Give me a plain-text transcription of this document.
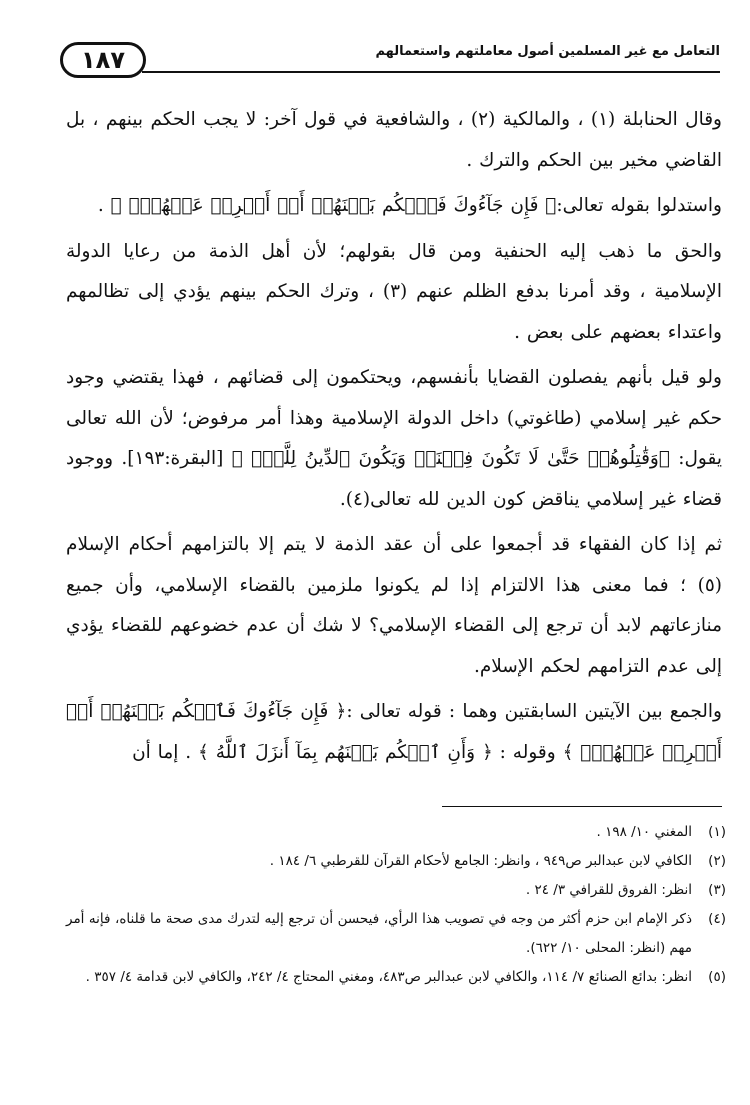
١٨٧	التعامل مع غير المسلمين أصول معاملتهم واستعمالهم

وقال الحنابلة (١) ، والمالكية (٢) ، والشافعية في قول آخر: لا يجب الحكم بينهم ، بل القاضي مخير بين الحكم والترك .

واستدلوا بقوله تعالى:﴿ فَإِن جَآءُوكَ فَٱحۡكُم بَيۡنَهُمۡ أَوۡ أَعۡرِضۡ عَنۡهُمۡۖ ﴾ .

والحق ما ذهب إليه الحنفية ومن قال بقولهم؛ لأن أهل الذمة من رعايا الدولة الإسلامية ، وقد أمرنا بدفع الظلم عنهم (٣) ، وترك الحكم بينهم يؤدي إلى تظالمهم واعتداء بعضهم على بعض .

ولو قيل بأنهم يفصلون القضايا بأنفسهم، ويحتكمون إلى قضائهم ، فهذا يقتضي وجود حكم غير إسلامي (طاغوتي) داخل الدولة الإسلامية وهذا أمر مرفوض؛ لأن الله تعالى يقول: ﴿وَقَٰتِلُوهُمۡ حَتَّىٰ لَا تَكُونَ فِتۡنَةٞ وَيَكُونَ ٱلدِّينُ لِلَّهِۖ ﴾ [البقرة:١٩٣]. ووجود قضاء غير إسلامي يناقض كون الدين لله تعالى(٤).

ثم إذا كان الفقهاء قد أجمعوا على أن عقد الذمة لا يتم إلا بالتزامهم أحكام الإسلام (٥) ؛ فما معنى هذا الالتزام إذا لم يكونوا ملزمين بالقضاء الإسلامي، وأن جميع منازعاتهم لابد أن ترجع إلى القضاء الإسلامي؟ لا شك أن عدم خضوعهم للقضاء يؤدي إلى عدم التزامهم لحكم الإسلام.

والجمع بين الآيتين السابقتين وهما : قوله تعالى :﴿ فَإِن جَآءُوكَ فَٱحۡكُم بَيۡنَهُمۡ أَوۡ أَعۡرِضۡ عَنۡهُمۡۖ ﴾ وقوله : ﴿ وَأَنِ ٱحۡكُم بَيۡنَهُم بِمَآ أَنزَلَ ٱللَّهُ ﴾ . إما أن

(١)
المغني ١٠/ ١٩٨ .
(٢)
الكافي لابن عبدالبر ص٩٤٩ ، وانظر: الجامع لأحكام القرآن للقرطبي ٦/ ١٨٤ .
(٣)
انظر: الفروق للقرافي ٣/ ٢٤ .
(٤)
ذكر الإمام ابن حزم أكثر من وجه في تصويب هذا الرأي، فيحسن أن ترجع إليه لتدرك مدى صحة ما قلناه، فإنه أمر مهم (انظر: المحلى ١٠/ ٦٢٢).
(٥)
انظر: بدائع الصنائع ٧/ ١١٤، والكافي لابن عبدالبر ص٤٨٣، ومغني المحتاج ٤/ ٢٤٢، والكافي لابن قدامة ٤/ ٣٥٧ .
